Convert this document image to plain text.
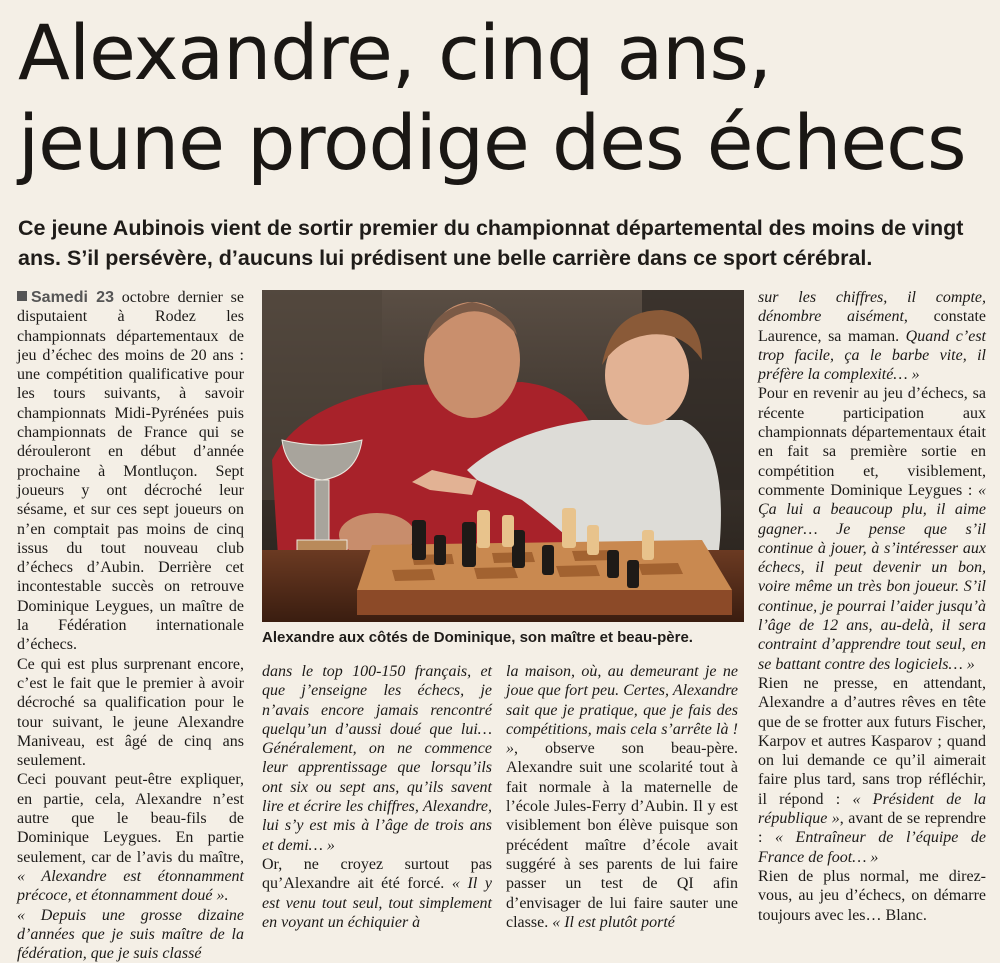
Alexandre, cinq ans,
jeune prodige des échecs

Ce jeune Aubinois vient de sortir premier du championnat départemental des moins de vingt ans. S’il persévère, d’aucuns lui prédisent une belle carrière dans ce sport cérébral.

Samedi 23 octobre dernier se disputaient à Rodez les championnats départementaux de jeu d’échec des moins de 20 ans : une compétition qualificative pour les tours suivants, à savoir championnats Midi-Pyrénées puis championnats de France qui se dérouleront en début d’année prochaine à Montluçon. Sept joueurs y ont décroché leur sésame, et sur ces sept joueurs on n’en comptait pas moins de cinq issus du tout nouveau club d’échecs d’Aubin. Derrière cet incontestable succès on retrouve Dominique Leygues, un maître de la Fédération internationale d’échecs.

Ce qui est plus surprenant encore, c’est le fait que le premier à avoir décroché sa qualification pour le tour suivant, le jeune Alexandre Maniveau, est âgé de cinq ans seulement.

Ceci pouvant peut-être expliquer, en partie, cela, Alexandre n’est autre que le beau-fils de Dominique Leygues. En partie seulement, car de l’avis du maître, « Alexandre est étonnamment précoce, et étonnamment doué ».

« Depuis une grosse dizaine d’années que je suis maître de la fédération, que je suis classé

Alexandre aux côtés de Dominique, son maître et beau-père.

dans le top 100-150 français, et que j’enseigne les échecs, je n’avais encore jamais rencontré quelqu’un d’aussi doué que lui… Généralement, on ne commence leur apprentissage que lorsqu’ils ont six ou sept ans, qu’ils savent lire et écrire les chiffres, Alexandre, lui s’y est mis à l’âge de trois ans et demi… »

Or, ne croyez surtout pas qu’Alexandre ait été forcé. « Il y est venu tout seul, tout simplement en voyant un échiquier à

la maison, où, au demeurant je ne joue que fort peu. Certes, Alexandre sait que je pratique, que je fais des compétitions, mais cela s’arrête là ! », observe son beau-père. Alexandre suit une scolarité tout à fait normale à la maternelle de l’école Jules-Ferry d’Aubin. Il y est visiblement bon élève puisque son précédent maître d’école avait suggéré à ses parents de lui faire passer un test de QI afin d’envisager de lui faire sauter une classe. « Il est plutôt porté

sur les chiffres, il compte, dénombre aisément, constate Laurence, sa maman. Quand c’est trop facile, ça le barbe vite, il préfère la complexité… »

Pour en revenir au jeu d’échecs, sa récente participation aux championnats départementaux était en fait sa première sortie en compétition et, visiblement, commente Dominique Leygues : « Ça lui a beaucoup plu, il aime gagner… Je pense que s’il continue à jouer, à s’intéresser aux échecs, il peut devenir un bon, voire même un très bon joueur. S’il continue, je pourrai l’aider jusqu’à l’âge de 12 ans, au-delà, il sera contraint d’apprendre tout seul, en se battant contre des logiciels… »

Rien ne presse, en attendant, Alexandre a d’autres rêves en tête que de se frotter aux futurs Fischer, Karpov et autres Kasparov ; quand on lui demande ce qu’il aimerait faire plus tard, sans trop réfléchir, il répond : « Président de la république », avant de se reprendre : « Entraîneur de l’équipe de France de foot… »

Rien de plus normal, me direz-vous, au jeu d’échecs, on démarre toujours avec les… Blanc.
